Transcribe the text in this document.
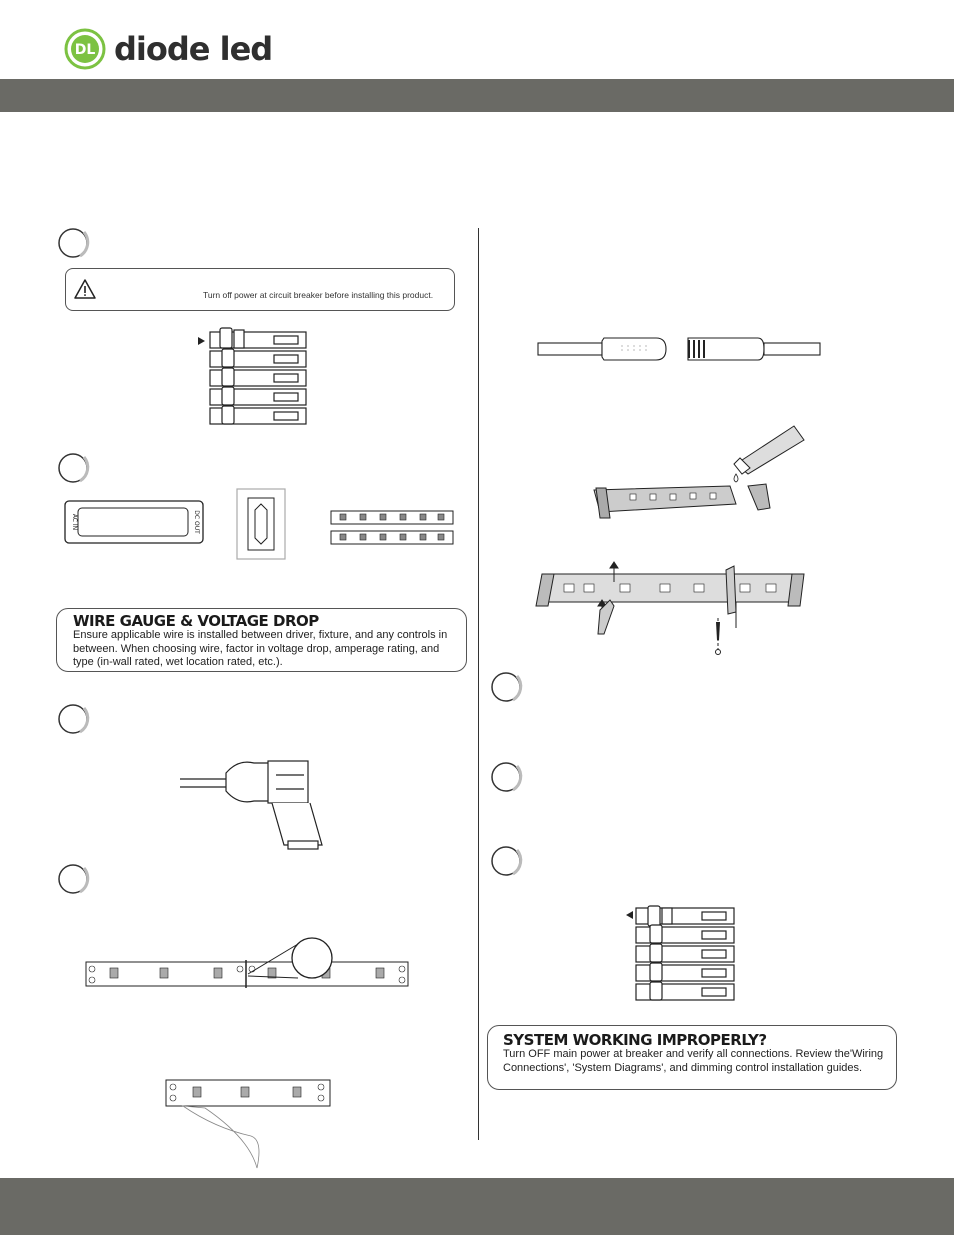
DL diode led
Turn off power at circuit breaker before installing this product.
AC IN	DC OUT
WIRE GAUGE & VOLTAGE DROP
Ensure applicable wire is installed between driver, fixture, and any controls in between. When choosing wire, factor in voltage drop, amperage rating, and type (in-wall rated, wet location rated, etc.).
SYSTEM WORKING IMPROPERLY?
Turn OFF main power at breaker and verify all connections. Review the'Wiring Connections', 'System Diagrams', and dimming control installation guides.
